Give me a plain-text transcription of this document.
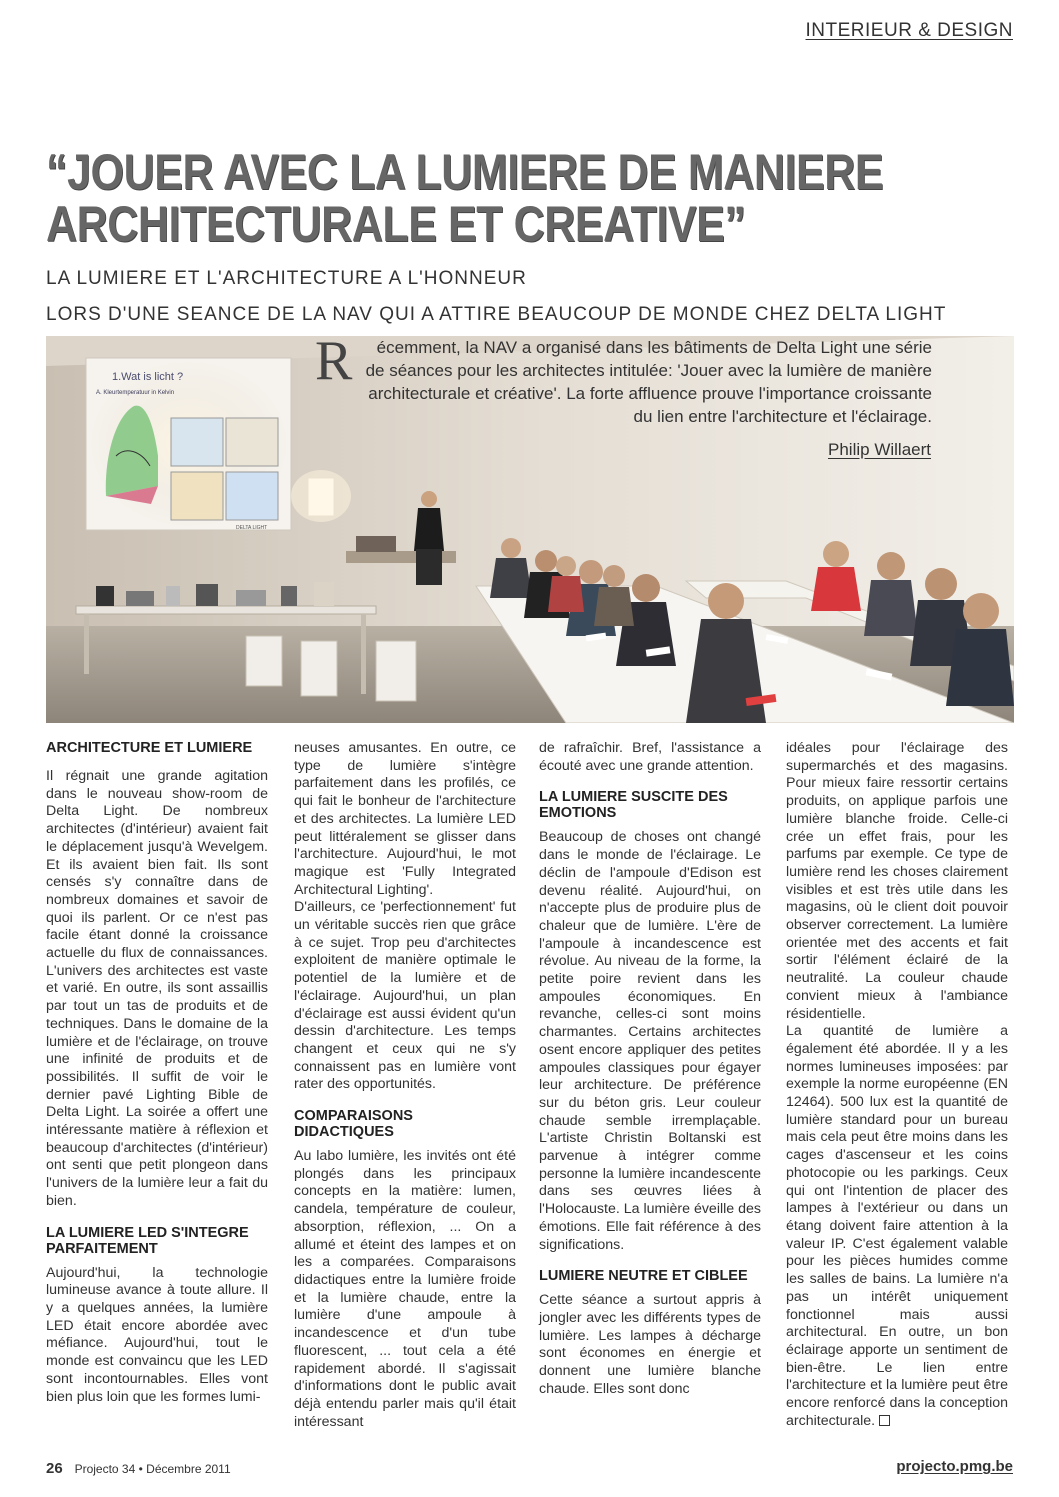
INTERIEUR & DESIGN
“JOUER AVEC LA LUMIERE DE MANIERE
ARCHITECTURALE ET CREATIVE”
LA LUMIERE ET L'ARCHITECTURE A L'HONNEUR
LORS D'UNE SEANCE DE LA NAV QUI A ATTIRE BEAUCOUP DE MONDE CHEZ DELTA LIGHT
1.Wat is licht ?
A. Kleurtemperatuur in Kelvin
DELTA LIGHT
R	écemment, la NAV a organisé dans les bâtiments de Delta Light une série de séances pour les architectes intitulée: 'Jouer avec la lumière de manière architecturale et créative'. La forte affluence prouve l'importance croissante du lien entre l'architecture et l'éclairage.
Philip Willaert
ARCHITECTURE ET LUMIERE

Il régnait une grande agitation dans le nouveau show-room de Delta Light. De nombreux architectes (d'intérieur) avaient fait le déplacement jusqu'à Wevelgem. Et ils avaient bien fait. Ils sont censés s'y connaître dans de nombreux domaines et savoir de quoi ils parlent. Or ce n'est pas facile étant donné la croissance actuelle du flux de connaissances. L'univers des architectes est vaste et varié. En outre, ils sont assaillis par tout un tas de produits et de techniques. Dans le domaine de la lumière et de l'éclairage, on trouve une infinité de produits et de possibilités. Il suffit de voir le dernier pavé Lighting Bible de Delta Light. La soirée a offert une intéressante matière à réflexion et beaucoup d'architectes (d'intérieur) ont senti que petit plongeon dans l'univers de la lumière leur a fait du bien.

LA LUMIERE LED S'INTEGRE PARFAITEMENT

Aujourd'hui, la technologie lumineuse avance à toute allure. Il y a quelques années, la lumière LED était encore abordée avec méfiance. Aujourd'hui, tout le monde est convaincu que les LED sont incontournables. Elles vont bien plus loin que les formes lumi-

neuses amusantes. En outre, ce type de lumière s'intègre parfaitement dans les profilés, ce qui fait le bonheur de l'architecture et des architectes. La lumière LED peut littéralement se glisser dans l'architecture. Aujourd'hui, le mot magique est 'Fully Integrated Architectural Lighting'.

D'ailleurs, ce 'perfectionnement' fut un véritable succès rien que grâce à ce sujet. Trop peu d'architectes exploitent de manière optimale le potentiel de la lumière et de l'éclairage. Aujourd'hui, un plan d'éclairage est aussi évident qu'un dessin d'architecture. Les temps changent et ceux qui ne s'y connaissent pas en lumière vont rater des opportunités.

COMPARAISONS DIDACTIQUES

Au labo lumière, les invités ont été plongés dans les principaux concepts en la matière: lumen, candela, température de couleur, absorption, réflexion, ... On a allumé et éteint des lampes et on les a comparées. Comparaisons didactiques entre la lumière froide et la lumière chaude, entre la lumière d'une ampoule à incandescence et d'un tube fluorescent, ... tout cela a été rapidement abordé. Il s'agissait d'informations dont le public avait déjà entendu parler mais qu'il était intéressant

de rafraîchir. Bref, l'assistance a écouté avec une grande attention.

LA LUMIERE SUSCITE DES EMOTIONS

Beaucoup de choses ont changé dans le monde de l'éclairage. Le déclin de l'ampoule d'Edison est devenu réalité. Aujourd'hui, on n'accepte plus de produire plus de chaleur que de lumière. L'ère de l'ampoule à incandescence est révolue. Au niveau de la forme, la petite poire revient dans les ampoules économiques. En revanche, celles-ci sont moins charmantes. Certains architectes osent encore appliquer des petites ampoules classiques pour égayer leur architecture. De préférence sur du béton gris. Leur couleur chaude semble irremplaçable. L'artiste Christin Boltanski est parvenue à intégrer comme personne la lumière incandescente dans ses œuvres liées à l'Holocauste. La lumière éveille des émotions. Elle fait référence à des significations.

LUMIERE NEUTRE ET CIBLEE

Cette séance a surtout appris à jongler avec les différents types de lumière. Les lampes à décharge sont économes en énergie et donnent une lumière blanche chaude. Elles sont donc

idéales pour l'éclairage des supermarchés et des magasins. Pour mieux faire ressortir certains produits, on applique parfois une lumière blanche froide. Celle-ci crée un effet frais, pour les parfums par exemple. Ce type de lumière rend les choses clairement visibles et est très utile dans les magasins, où le client doit pouvoir observer correctement. La lumière orientée met des accents et fait sortir l'élément éclairé de la neutralité. La couleur chaude convient mieux à l'ambiance résidentielle.

La quantité de lumière a également été abordée. Il y a les normes lumineuses imposées: par exemple la norme européenne (EN 12464). 500 lux est la quantité de lumière standard pour un bureau mais cela peut être moins dans les cages d'ascenseur et les coins photocopie ou les parkings. Ceux qui ont l'intention de placer des lampes à l'extérieur ou dans un étang doivent faire attention à la valeur IP. C'est également valable pour les pièces humides comme les salles de bains. La lumière n'a pas un intérêt uniquement fonctionnel mais aussi architectural. En outre, un bon éclairage apporte un sentiment de bien-être. Le lien entre l'architecture et la lumière peut être encore renforcé dans la conception architecturale.

26 Projecto 34 • Décembre 2011	projecto.pmg.be
